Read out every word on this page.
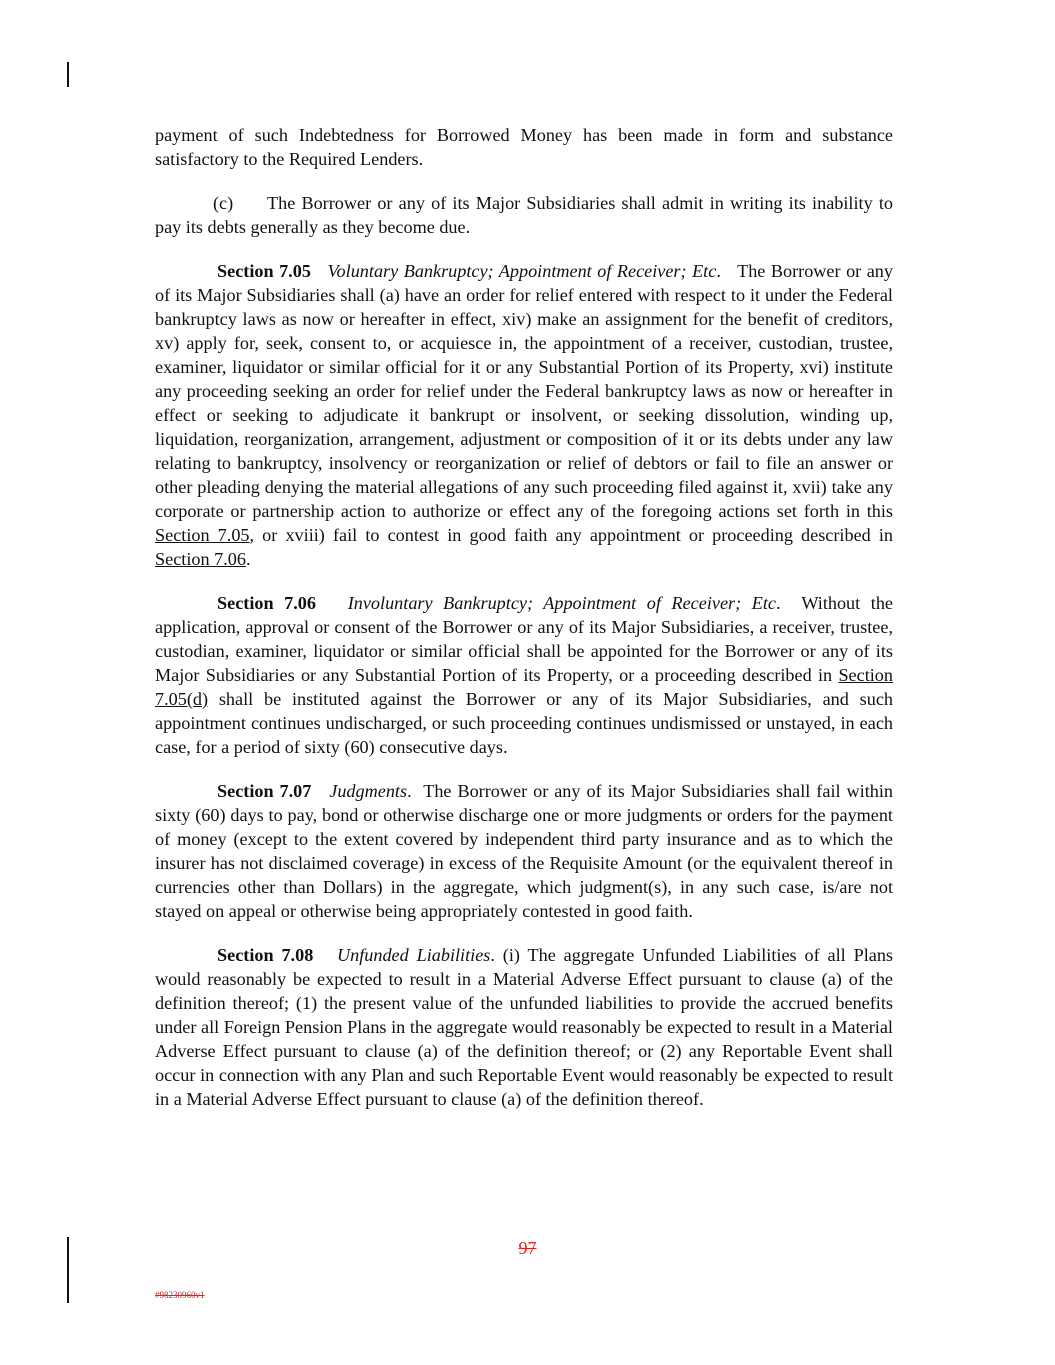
payment of such Indebtedness for Borrowed Money has been made in form and substance satisfactory to the Required Lenders.

(c) The Borrower or any of its Major Subsidiaries shall admit in writing its inability to pay its debts generally as they become due.

Section 7.05 Voluntary Bankruptcy; Appointment of Receiver; Etc.   The Borrower or any of its Major Subsidiaries shall (a) have an order for relief entered with respect to it under the Federal bankruptcy laws as now or hereafter in effect, xiv) make an assignment for the benefit of creditors, xv) apply for, seek, consent to, or acquiesce in, the appointment of a receiver, custodian, trustee, examiner, liquidator or similar official for it or any Substantial Portion of its Property, xvi) institute any proceeding seeking an order for relief under the Federal bankruptcy laws as now or hereafter in effect or seeking to adjudicate it bankrupt or insolvent, or seeking dissolution, winding up, liquidation, reorganization, arrangement, adjustment or composition of it or its debts under any law relating to bankruptcy, insolvency or reorganization or relief of debtors or fail to file an answer or other pleading denying the material allegations of any such proceeding filed against it, xvii) take any corporate or partnership action to authorize or effect any of the foregoing actions set forth in this Section 7.05, or xviii) fail to contest in good faith any appointment or proceeding described in Section 7.06.

Section 7.06 Involuntary Bankruptcy; Appointment of Receiver; Etc.  Without the application, approval or consent of the Borrower or any of its Major Subsidiaries, a receiver, trustee, custodian, examiner, liquidator or similar official shall be appointed for the Borrower or any of its Major Subsidiaries or any Substantial Portion of its Property, or a proceeding described in Section 7.05(d) shall be instituted against the Borrower or any of its Major Subsidiaries, and such appointment continues undischarged, or such proceeding continues undismissed or unstayed, in each case, for a period of sixty (60) consecutive days.

Section 7.07 Judgments.  The Borrower or any of its Major Subsidiaries shall fail within sixty (60) days to pay, bond or otherwise discharge one or more judgments or orders for the payment of money (except to the extent covered by independent third party insurance and as to which the insurer has not disclaimed coverage) in excess of the Requisite Amount (or the equivalent thereof in currencies other than Dollars) in the aggregate, which judgment(s), in any such case, is/are not stayed on appeal or otherwise being appropriately contested in good faith.

Section 7.08 Unfunded Liabilities. (i) The aggregate Unfunded Liabilities of all Plans would reasonably be expected to result in a Material Adverse Effect pursuant to clause (a) of the definition thereof; (1) the present value of the unfunded liabilities to provide the accrued benefits under all Foreign Pension Plans in the aggregate would reasonably be expected to result in a Material Adverse Effect pursuant to clause (a) of the definition thereof; or (2) any Reportable Event shall occur in connection with any Plan and such Reportable Event would reasonably be expected to result in a Material Adverse Effect pursuant to clause (a) of the definition thereof.

97
#98230960v1
